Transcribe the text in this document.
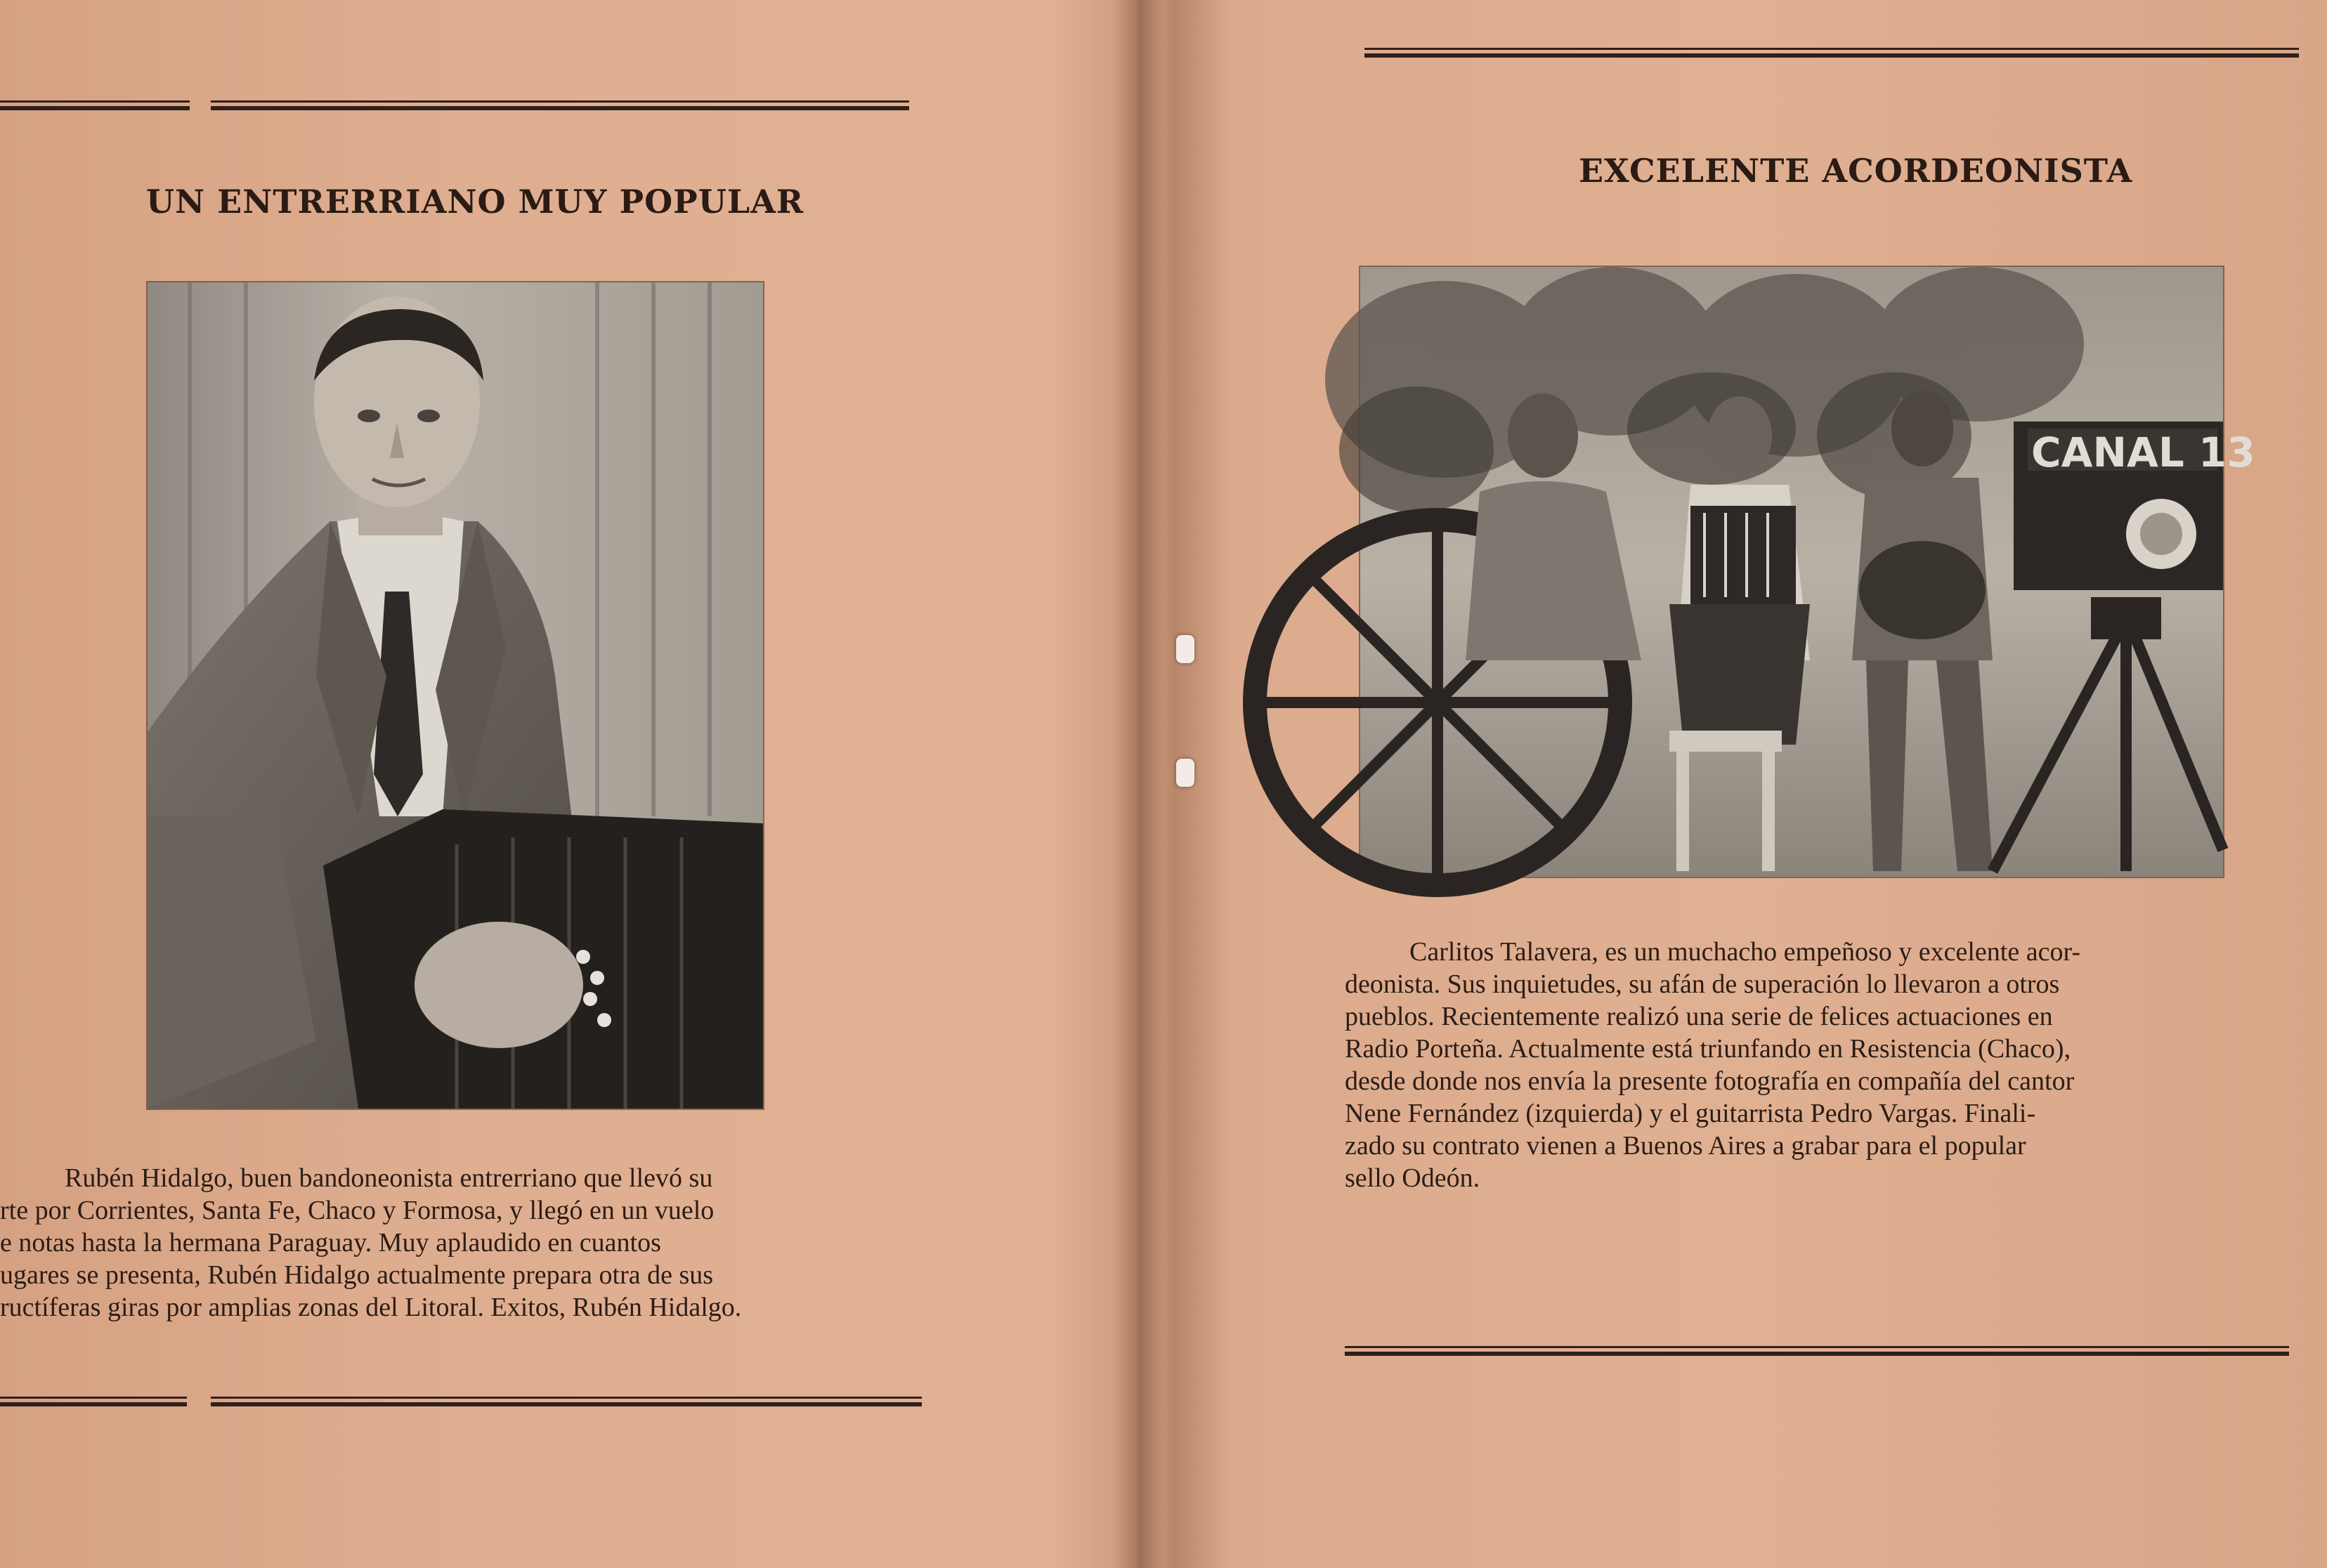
UN ENTRERRIANO MUY POPULAR

Rubén Hidalgo, buen bandoneonista entrerriano que llevó su
rte por Corrientes, Santa Fe, Chaco y Formosa, y llegó en un vuelo
e notas hasta la hermana Paraguay. Muy aplaudido en cuantos
ugares se presenta, Rubén Hidalgo actualmente prepara otra de sus
ructíferas giras por amplias zonas del Litoral. Exitos, Rubén Hidalgo.

EXCELENTE ACORDEONISTA
CANAL 13

Carlitos Talavera, es un muchacho empeñoso y excelente acor-
deonista. Sus inquietudes, su afán de superación lo llevaron a otros
pueblos. Recientemente realizó una serie de felices actuaciones en
Radio Porteña. Actualmente está triunfando en Resistencia (Chaco),
desde donde nos envía la presente fotografía en compañía del cantor
Nene Fernández (izquierda) y el guitarrista Pedro Vargas. Finali-
zado su contrato vienen a Buenos Aires a grabar para el popular
sello Odeón.
